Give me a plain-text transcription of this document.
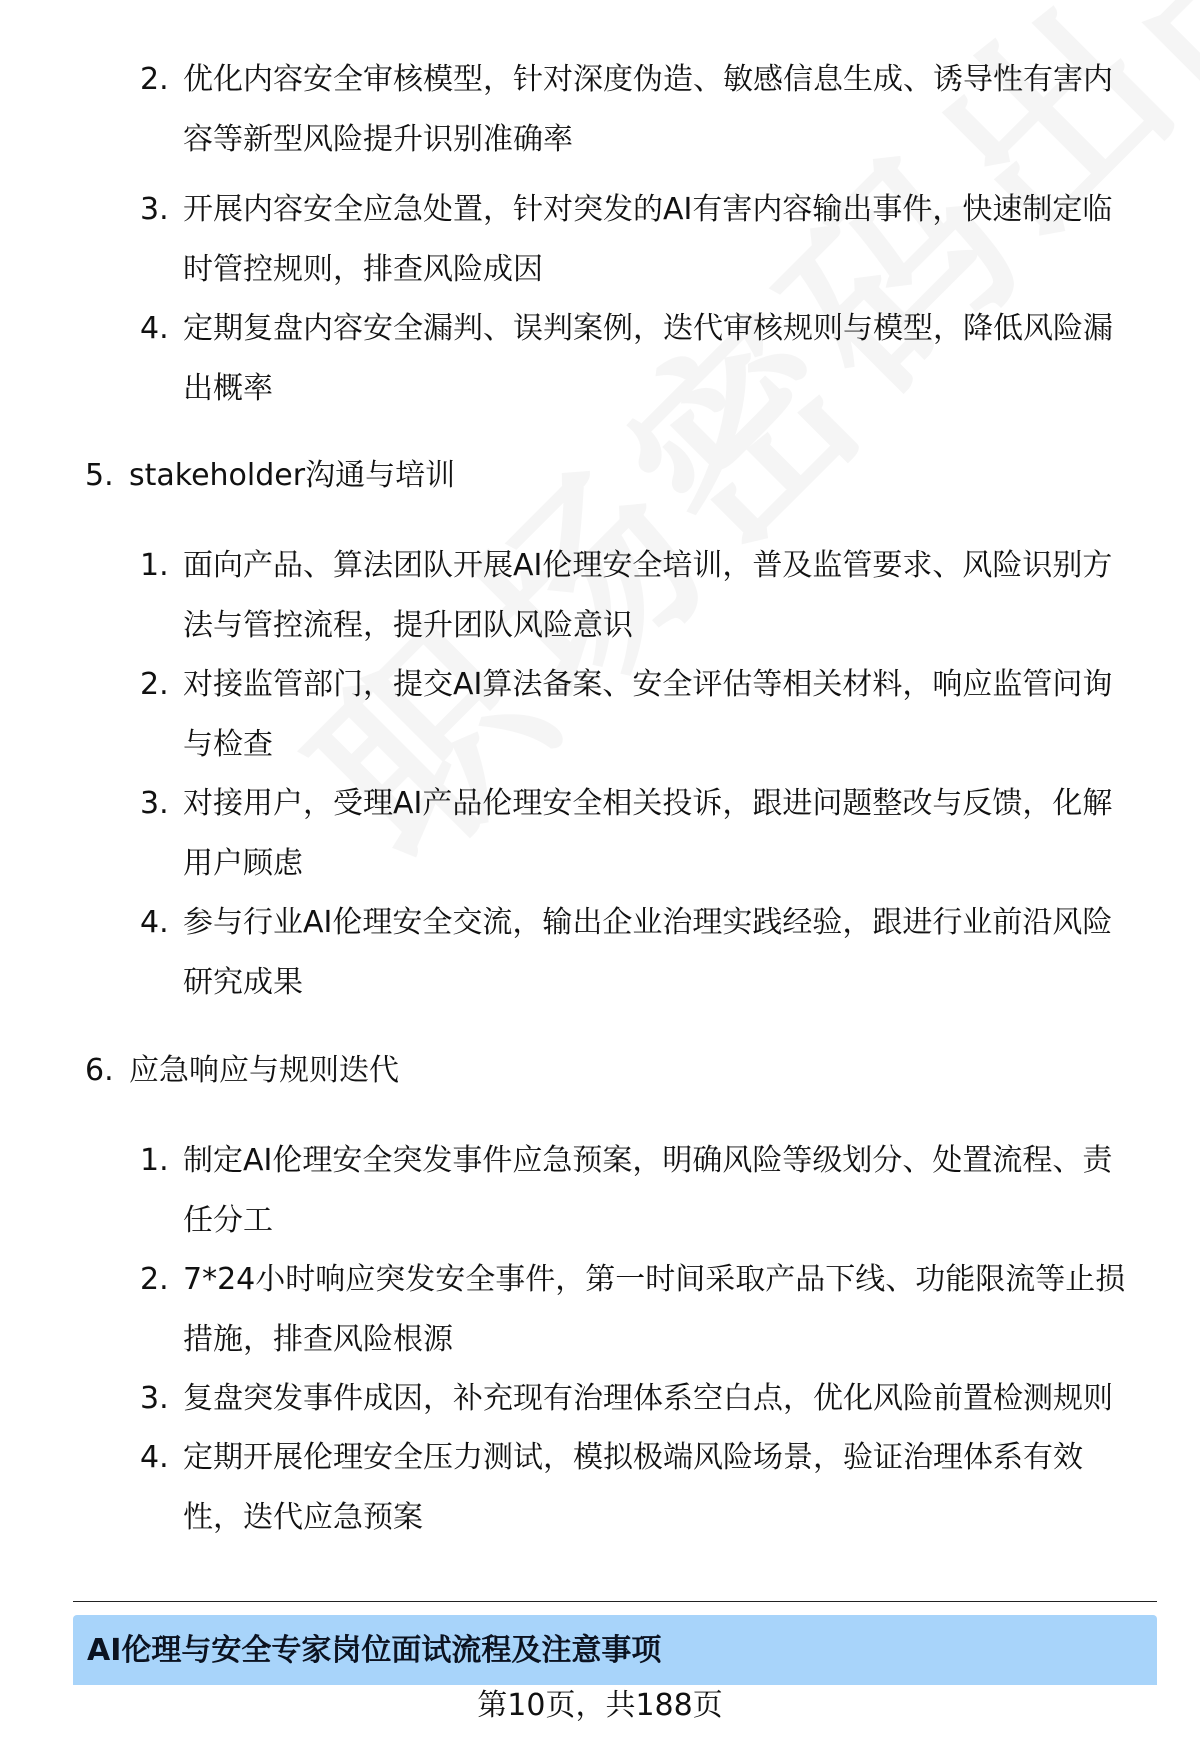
2. 优化内容安全审核模型，针对深度伪造、敏感信息生成、诱导性有害内容等新型风险提升识别准确率
3. 开展内容安全应急处置，针对突发的AI有害内容输出事件，快速制定临时管控规则，排查风险成因
4. 定期复盘内容安全漏判、误判案例，迭代审核规则与模型，降低风险漏出概率
5. stakeholder沟通与培训
1. 面向产品、算法团队开展AI伦理安全培训，普及监管要求、风险识别方法与管控流程，提升团队风险意识
2. 对接监管部门，提交AI算法备案、安全评估等相关材料，响应监管问询与检查
3. 对接用户，受理AI产品伦理安全相关投诉，跟进问题整改与反馈，化解用户顾虑
4. 参与行业AI伦理安全交流，输出企业治理实践经验，跟进行业前沿风险研究成果
6. 应急响应与规则迭代
1. 制定AI伦理安全突发事件应急预案，明确风险等级划分、处置流程、责任分工
2. 7*24小时响应突发安全事件，第一时间采取产品下线、功能限流等止损措施，排查风险根源
3. 复盘突发事件成因，补充现有治理体系空白点，优化风险前置检测规则
4. 定期开展伦理安全压力测试，模拟极端风险场景，验证治理体系有效性，迭代应急预案
AI伦理与安全专家岗位面试流程及注意事项
第10页，共188页
